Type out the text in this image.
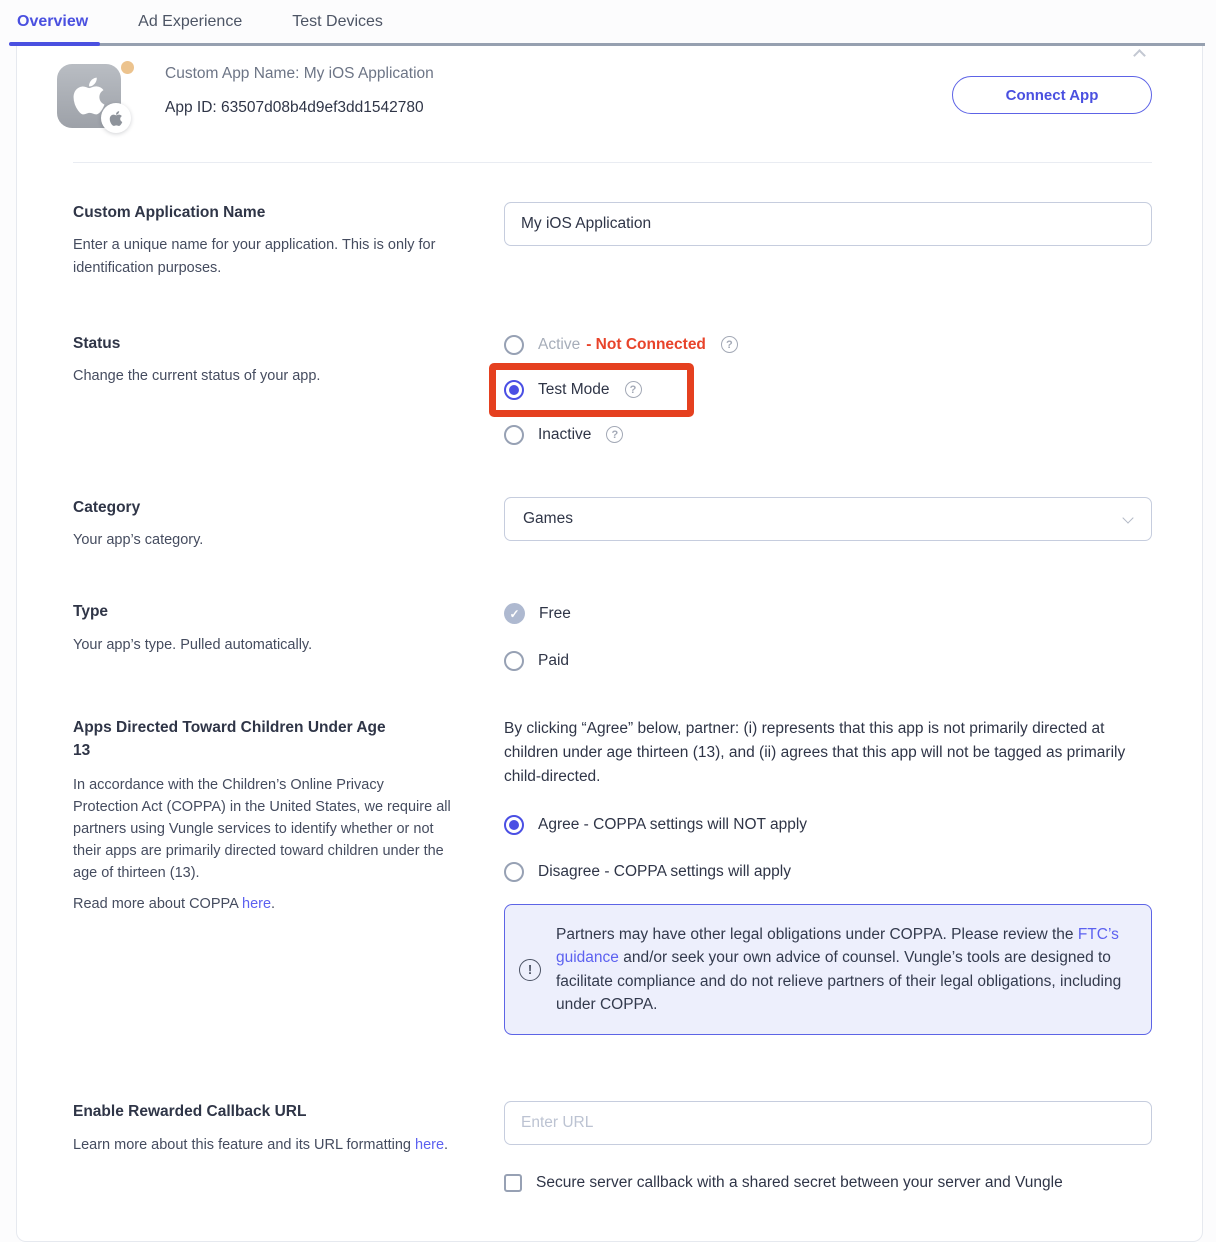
Overview	Ad Experience	Test Devices
Custom App Name: My iOS Application
App ID: 63507d08b4d9ef3dd1542780
Connect App
Custom Application Name
Enter a unique name for your application. This is only for identification purposes.
My iOS Application
Status
Change the current status of your app.
Active - Not Connected	?
Test Mode	?
Inactive	?
Category
Your app’s category.
Games
Type
Your app’s type. Pulled automatically.
✓	Free
Paid
Apps Directed Toward Children Under Age 13
In accordance with the Children’s Online Privacy Protection Act (COPPA) in the United States, we require all partners using Vungle services to identify whether or not their apps are primarily directed toward children under the age of thirteen (13).
Read more about COPPA here.

By clicking “Agree” below, partner: (i) represents that this app is not primarily directed at children under age thirteen (13), and (ii) agrees that this app will not be tagged as primarily child-directed.

Agree - COPPA settings will NOT apply
Disagree - COPPA settings will apply
!
Partners may have other legal obligations under COPPA. Please review the FTC’s guidance and/or seek your own advice of counsel. Vungle’s tools are designed to facilitate compliance and do not relieve partners of their legal obligations, including under COPPA.
Enable Rewarded Callback URL
Learn more about this feature and its URL formatting here.
Enter URL
Secure server callback with a shared secret between your server and Vungle
